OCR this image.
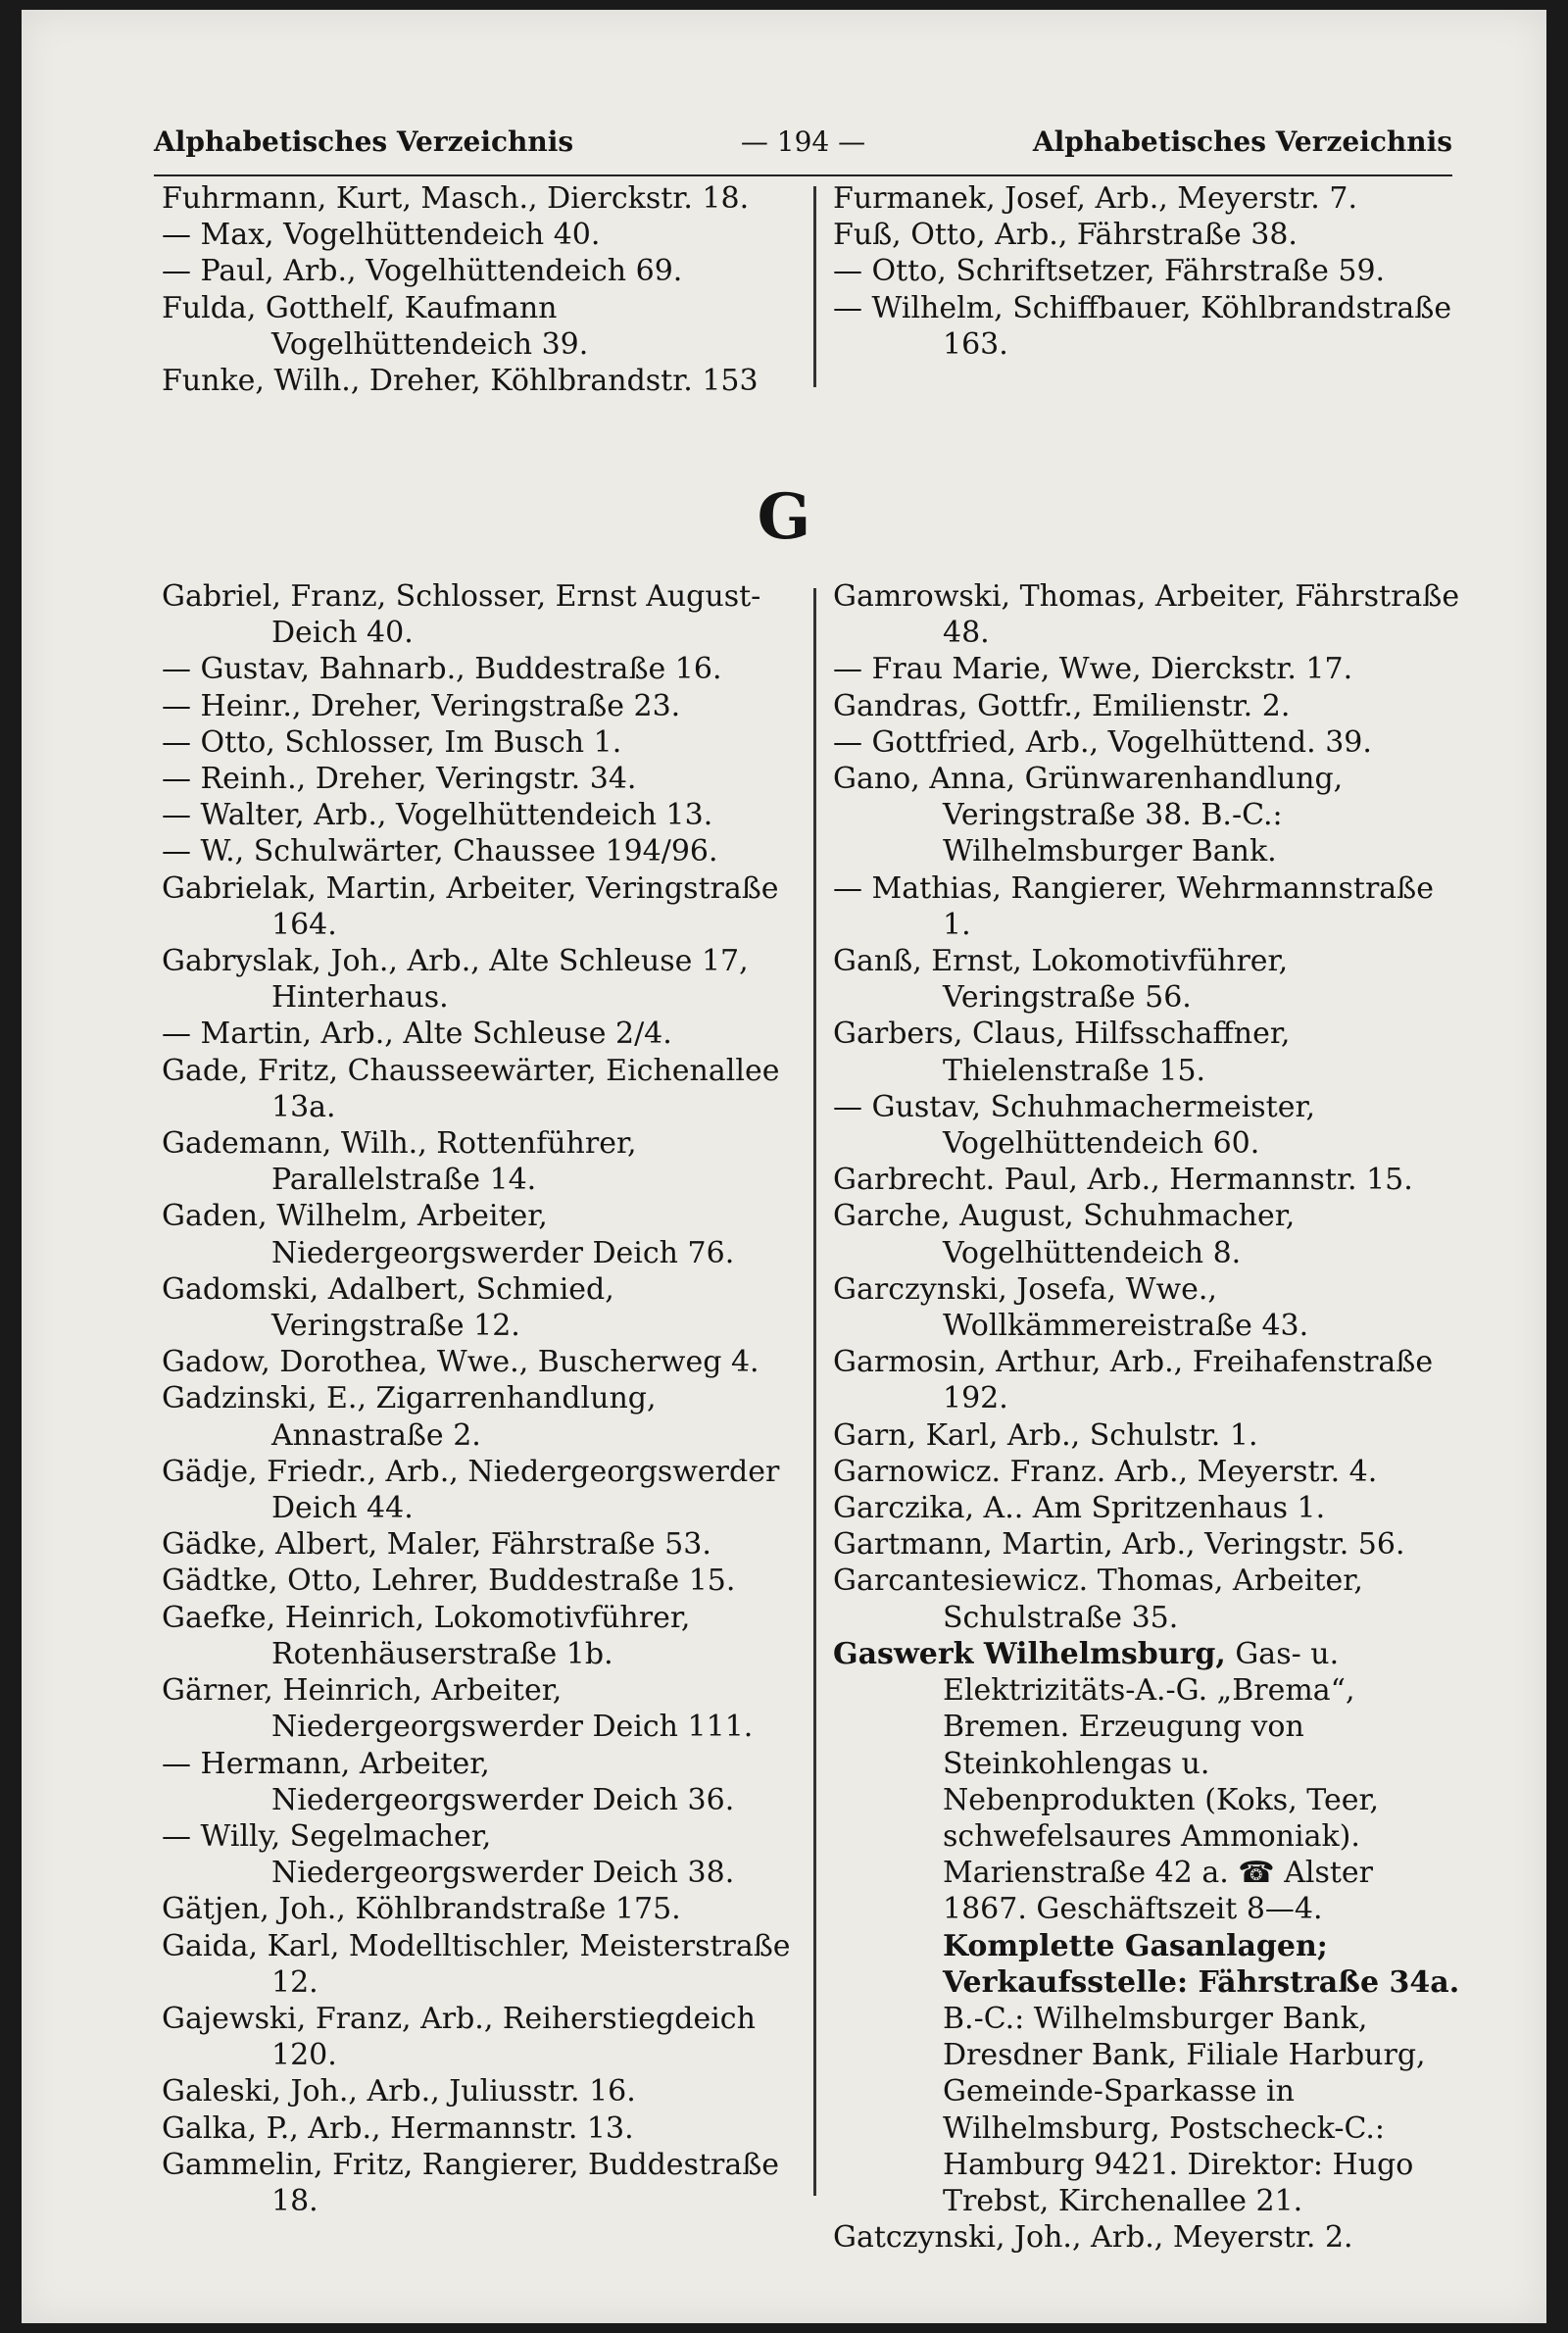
Alphabetisches Verzeichnis	— 194 —	Alphabetisches Verzeichnis

Fuhrmann, Kurt, Masch., Dierckstr. 18.

— Max, Vogelhüttendeich 40.

— Paul, Arb., Vogelhüttendeich 69.

Fulda, Gotthelf, Kaufmann Vogelhüttendeich 39.

Funke, Wilh., Dreher, Köhlbrandstr. 153

Furmanek, Josef, Arb., Meyerstr. 7.

Fuß, Otto, Arb., Fährstraße 38.

— Otto, Schriftsetzer, Fährstraße 59.

— Wilhelm, Schiffbauer, Köhlbrandstraße 163.

G

Gabriel, Franz, Schlosser, Ernst August-Deich 40.

— Gustav, Bahnarb., Buddestraße 16.

— Heinr., Dreher, Veringstraße 23.

— Otto, Schlosser, Im Busch 1.

— Reinh., Dreher, Veringstr. 34.

— Walter, Arb., Vogelhüttendeich 13.

— W., Schulwärter, Chaussee 194/96.

Gabrielak, Martin, Arbeiter, Veringstraße 164.

Gabryslak, Joh., Arb., Alte Schleuse 17, Hinterhaus.

— Martin, Arb., Alte Schleuse 2/4.

Gade, Fritz, Chausseewärter, Eichenallee 13a.

Gademann, Wilh., Rottenführer, Parallelstraße 14.

Gaden, Wilhelm, Arbeiter, Niedergeorgswerder Deich 76.

Gadomski, Adalbert, Schmied, Veringstraße 12.

Gadow, Dorothea, Wwe., Buscherweg 4.

Gadzinski, E., Zigarrenhandlung, Annastraße 2.

Gädje, Friedr., Arb., Niedergeorgswerder Deich 44.

Gädke, Albert, Maler, Fährstraße 53.

Gädtke, Otto, Lehrer, Buddestraße 15.

Gaefke, Heinrich, Lokomotivführer, Rotenhäuserstraße 1b.

Gärner, Heinrich, Arbeiter, Niedergeorgswerder Deich 111.

— Hermann, Arbeiter, Niedergeorgswerder Deich 36.

— Willy, Segelmacher, Niedergeorgswerder Deich 38.

Gätjen, Joh., Köhlbrandstraße 175.

Gaida, Karl, Modelltischler, Meisterstraße 12.

Gajewski, Franz, Arb., Reiherstiegdeich 120.

Galeski, Joh., Arb., Juliusstr. 16.

Galka, P., Arb., Hermannstr. 13.

Gammelin, Fritz, Rangierer, Buddestraße 18.

Gamrowski, Thomas, Arbeiter, Fährstraße 48.

— Frau Marie, Wwe, Dierckstr. 17.

Gandras, Gottfr., Emilienstr. 2.

— Gottfried, Arb., Vogelhüttend. 39.

Gano, Anna, Grünwarenhandlung, Veringstraße 38. B.-C.: Wilhelmsburger Bank.

— Mathias, Rangierer, Wehrmannstraße 1.

Ganß, Ernst, Lokomotivführer, Veringstraße 56.

Garbers, Claus, Hilfsschaffner, Thielenstraße 15.

— Gustav, Schuhmachermeister, Vogelhüttendeich 60.

Garbrecht. Paul, Arb., Hermannstr. 15.

Garche, August, Schuhmacher, Vogelhüttendeich 8.

Garczynski, Josefa, Wwe., Wollkämmereistraße 43.

Garmosin, Arthur, Arb., Freihafenstraße 192.

Garn, Karl, Arb., Schulstr. 1.

Garnowicz. Franz. Arb., Meyerstr. 4.

Garczika, A.. Am Spritzenhaus 1.

Gartmann, Martin, Arb., Veringstr. 56.

Garcantesiewicz. Thomas, Arbeiter, Schulstraße 35.

Gaswerk Wilhelmsburg, Gas- u. Elektrizitäts-A.-G. „Brema“, Bremen. Erzeugung von Steinkohlengas u. Nebenprodukten (Koks, Teer, schwefelsaures Ammoniak). Marienstraße 42 a. ☎ Alster 1867. Geschäftszeit 8—4. Komplette Gasanlagen; Verkaufsstelle: Fährstraße 34a. B.-C.: Wilhelmsburger Bank, Dresdner Bank, Filiale Harburg, Gemeinde-Sparkasse in Wilhelmsburg, Postscheck-C.: Hamburg 9421. Direktor: Hugo Trebst, Kirchenallee 21.

Gatczynski, Joh., Arb., Meyerstr. 2.
